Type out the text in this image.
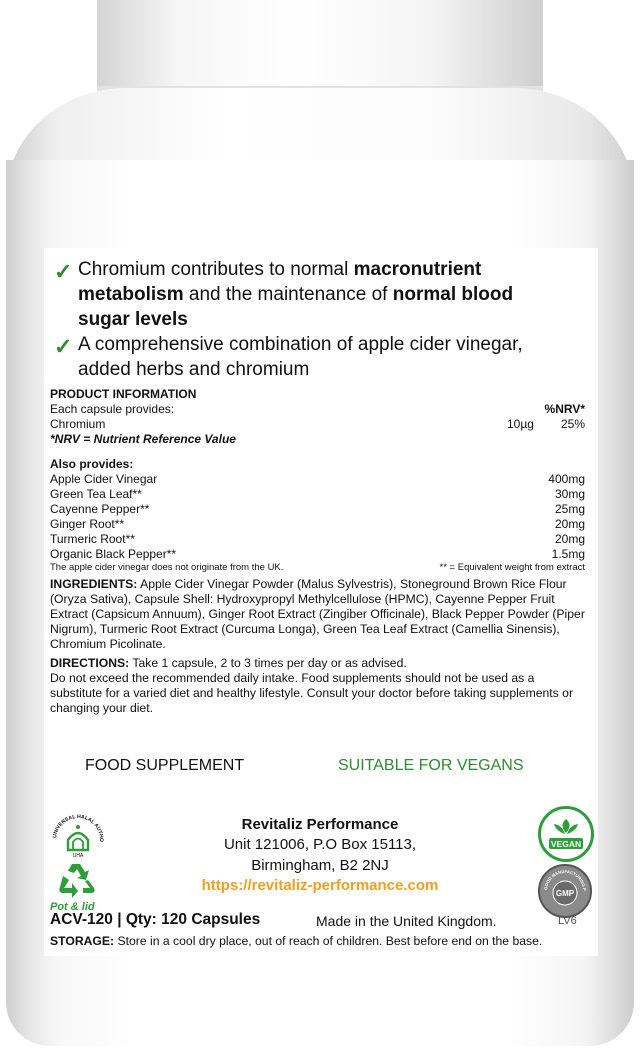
✓ Chromium contributes to normal macronutrient
metabolism and the maintenance of normal blood
sugar levels
✓ A comprehensive combination of apple cider vinegar,
added herbs and chromium
PRODUCT INFORMATION
Each capsule provides:	%NRV*
Chromium	10µg 25%
*NRV = Nutrient Reference Value
Also provides:
Apple Cider Vinegar	400mg
Green Tea Leaf**	30mg
Cayenne Pepper**	25mg
Ginger Root**	20mg
Turmeric Root**	20mg
Organic Black Pepper**	1.5mg
The apple cider vinegar does not originate from the UK.	** = Equivalent weight from extract
INGREDIENTS: Apple Cider Vinegar Powder (Malus Sylvestris), Stoneground Brown Rice Flour (Oryza Sativa), Capsule Shell: Hydroxypropyl Methylcellulose (HPMC), Cayenne Pepper Fruit Extract (Capsicum Annuum), Ginger Root Extract (Zingiber Officinale), Black Pepper Powder (Piper Nigrum), Turmeric Root Extract (Curcuma Longa), Green Tea Leaf Extract (Camellia Sinensis), Chromium Picolinate.
DIRECTIONS: Take 1 capsule, 2 to 3 times per day or as advised.
Do not exceed the recommended daily intake. Food supplements should not be used as a substitute for a varied diet and healthy lifestyle. Consult your doctor before taking supplements or changing your diet.
FOOD SUPPLEMENT	SUITABLE FOR VEGANS
UNIVERSAL HALAL AUTHO
UHA
Pot & lid
Revitaliz Performance
Unit 121006, P.O Box 15113,
Birmingham, B2 2NJ
https://revitaliz-performance.com
VEGAN
GOOD MANUFACTURING P
GMP
ACV-120 | Qty: 120 Capsules	Made in the United Kingdom.	LV6
STORAGE: Store in a cool dry place, out of reach of children. Best before end on the base.
